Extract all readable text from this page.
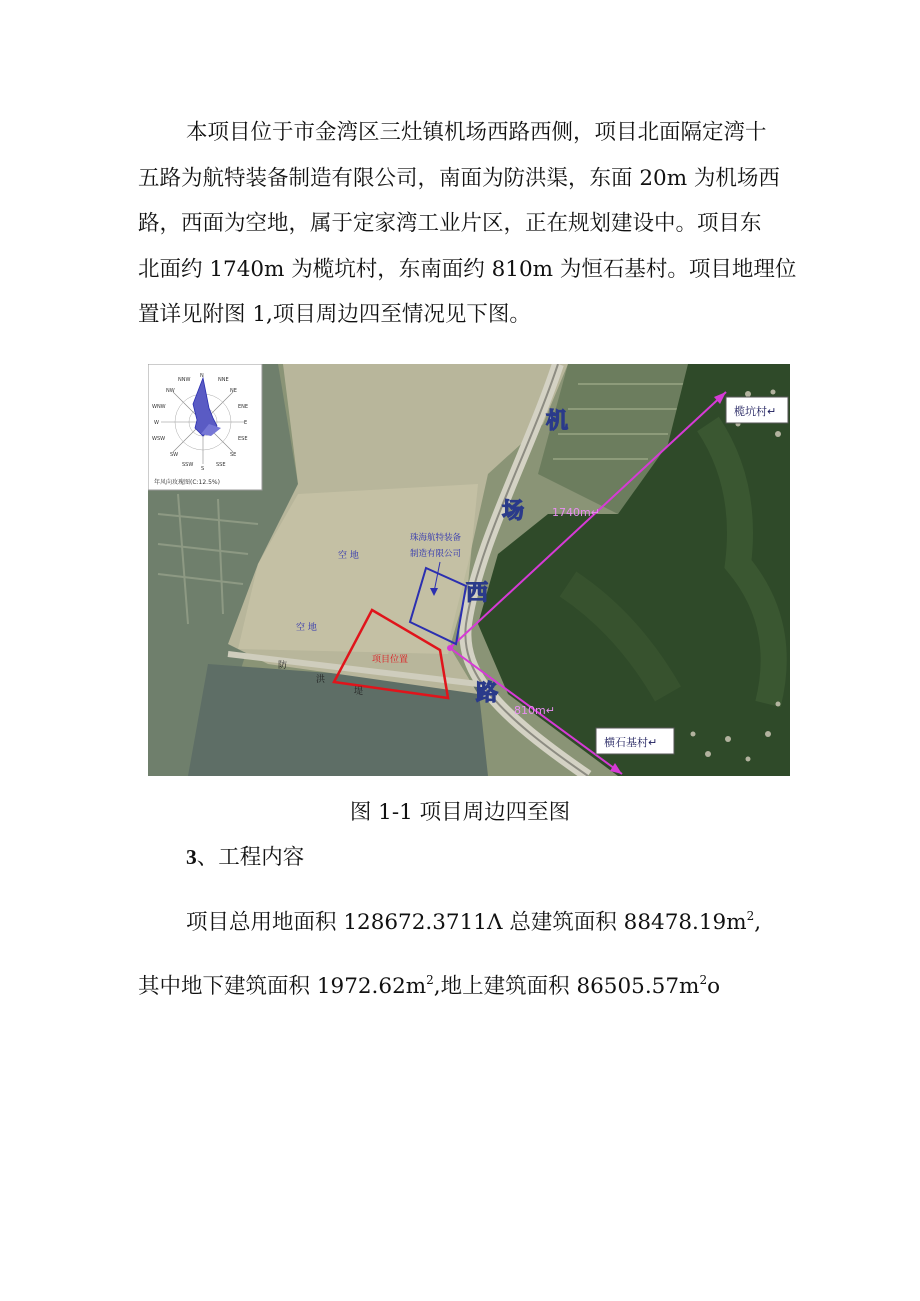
本项目位于市金湾区三灶镇机场西路西侧，项目北面隔定湾十
五路为航特装备制造有限公司，南面为防洪渠，东面 20m 为机场西
路，西面为空地，属于定家湾工业片区，正在规划建设中。项目东
北面约 1740m 为榄坑村，东南面约 810m 为恒石基村。项目地理位
置详见附图 1,项目周边四至情况见下图。
N
NNE
NE
ENE
E
ESE
SE
SSE
S
SSW
SW
WSW
W
WNW
NW
NNW
年风向玫瑰图(C:12.5%)
1740m↵
810m↵
榄坑村↵
横石基村↵
机
场
西
路
珠海航特装备
制造有限公司
项目位置
空 地
空 地
防
洪
堤
图 1-1 项目周边四至图
3、工程内容
项目总用地面积 128672.3711Λ 总建筑面积 $88478.19m^2$,
其中地下建筑面积 $1972.62m^2$,地上建筑面积 $86505.57m^2o$
